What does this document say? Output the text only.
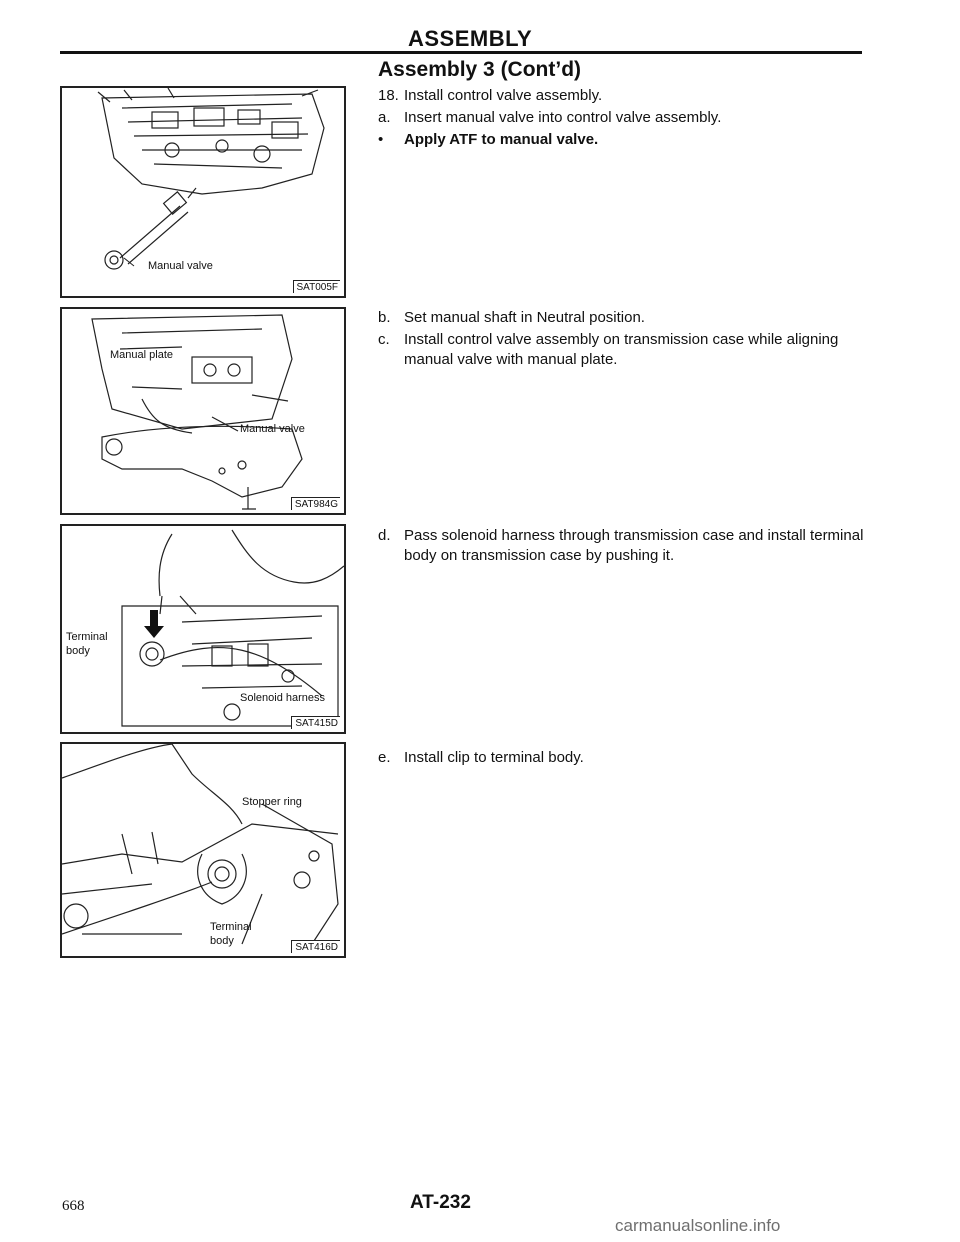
ASSEMBLY
Assembly 3 (Cont’d)
Manual valve
SAT005F
Manual plate
Manual valve
SAT984G
Terminal body
Solenoid harness
SAT415D
Stopper ring
Terminal body
SAT416D
18. Install control valve assembly.
a. Insert manual valve into control valve assembly.
• Apply ATF to manual valve.
b. Set manual shaft in Neutral position.
c. Install control valve assembly on transmission case while aligning manual valve with manual plate.
d. Pass solenoid harness through transmission case and install terminal body on transmission case by pushing it.
e. Install clip to terminal body.
668	AT-232
carmanualsonline.info
